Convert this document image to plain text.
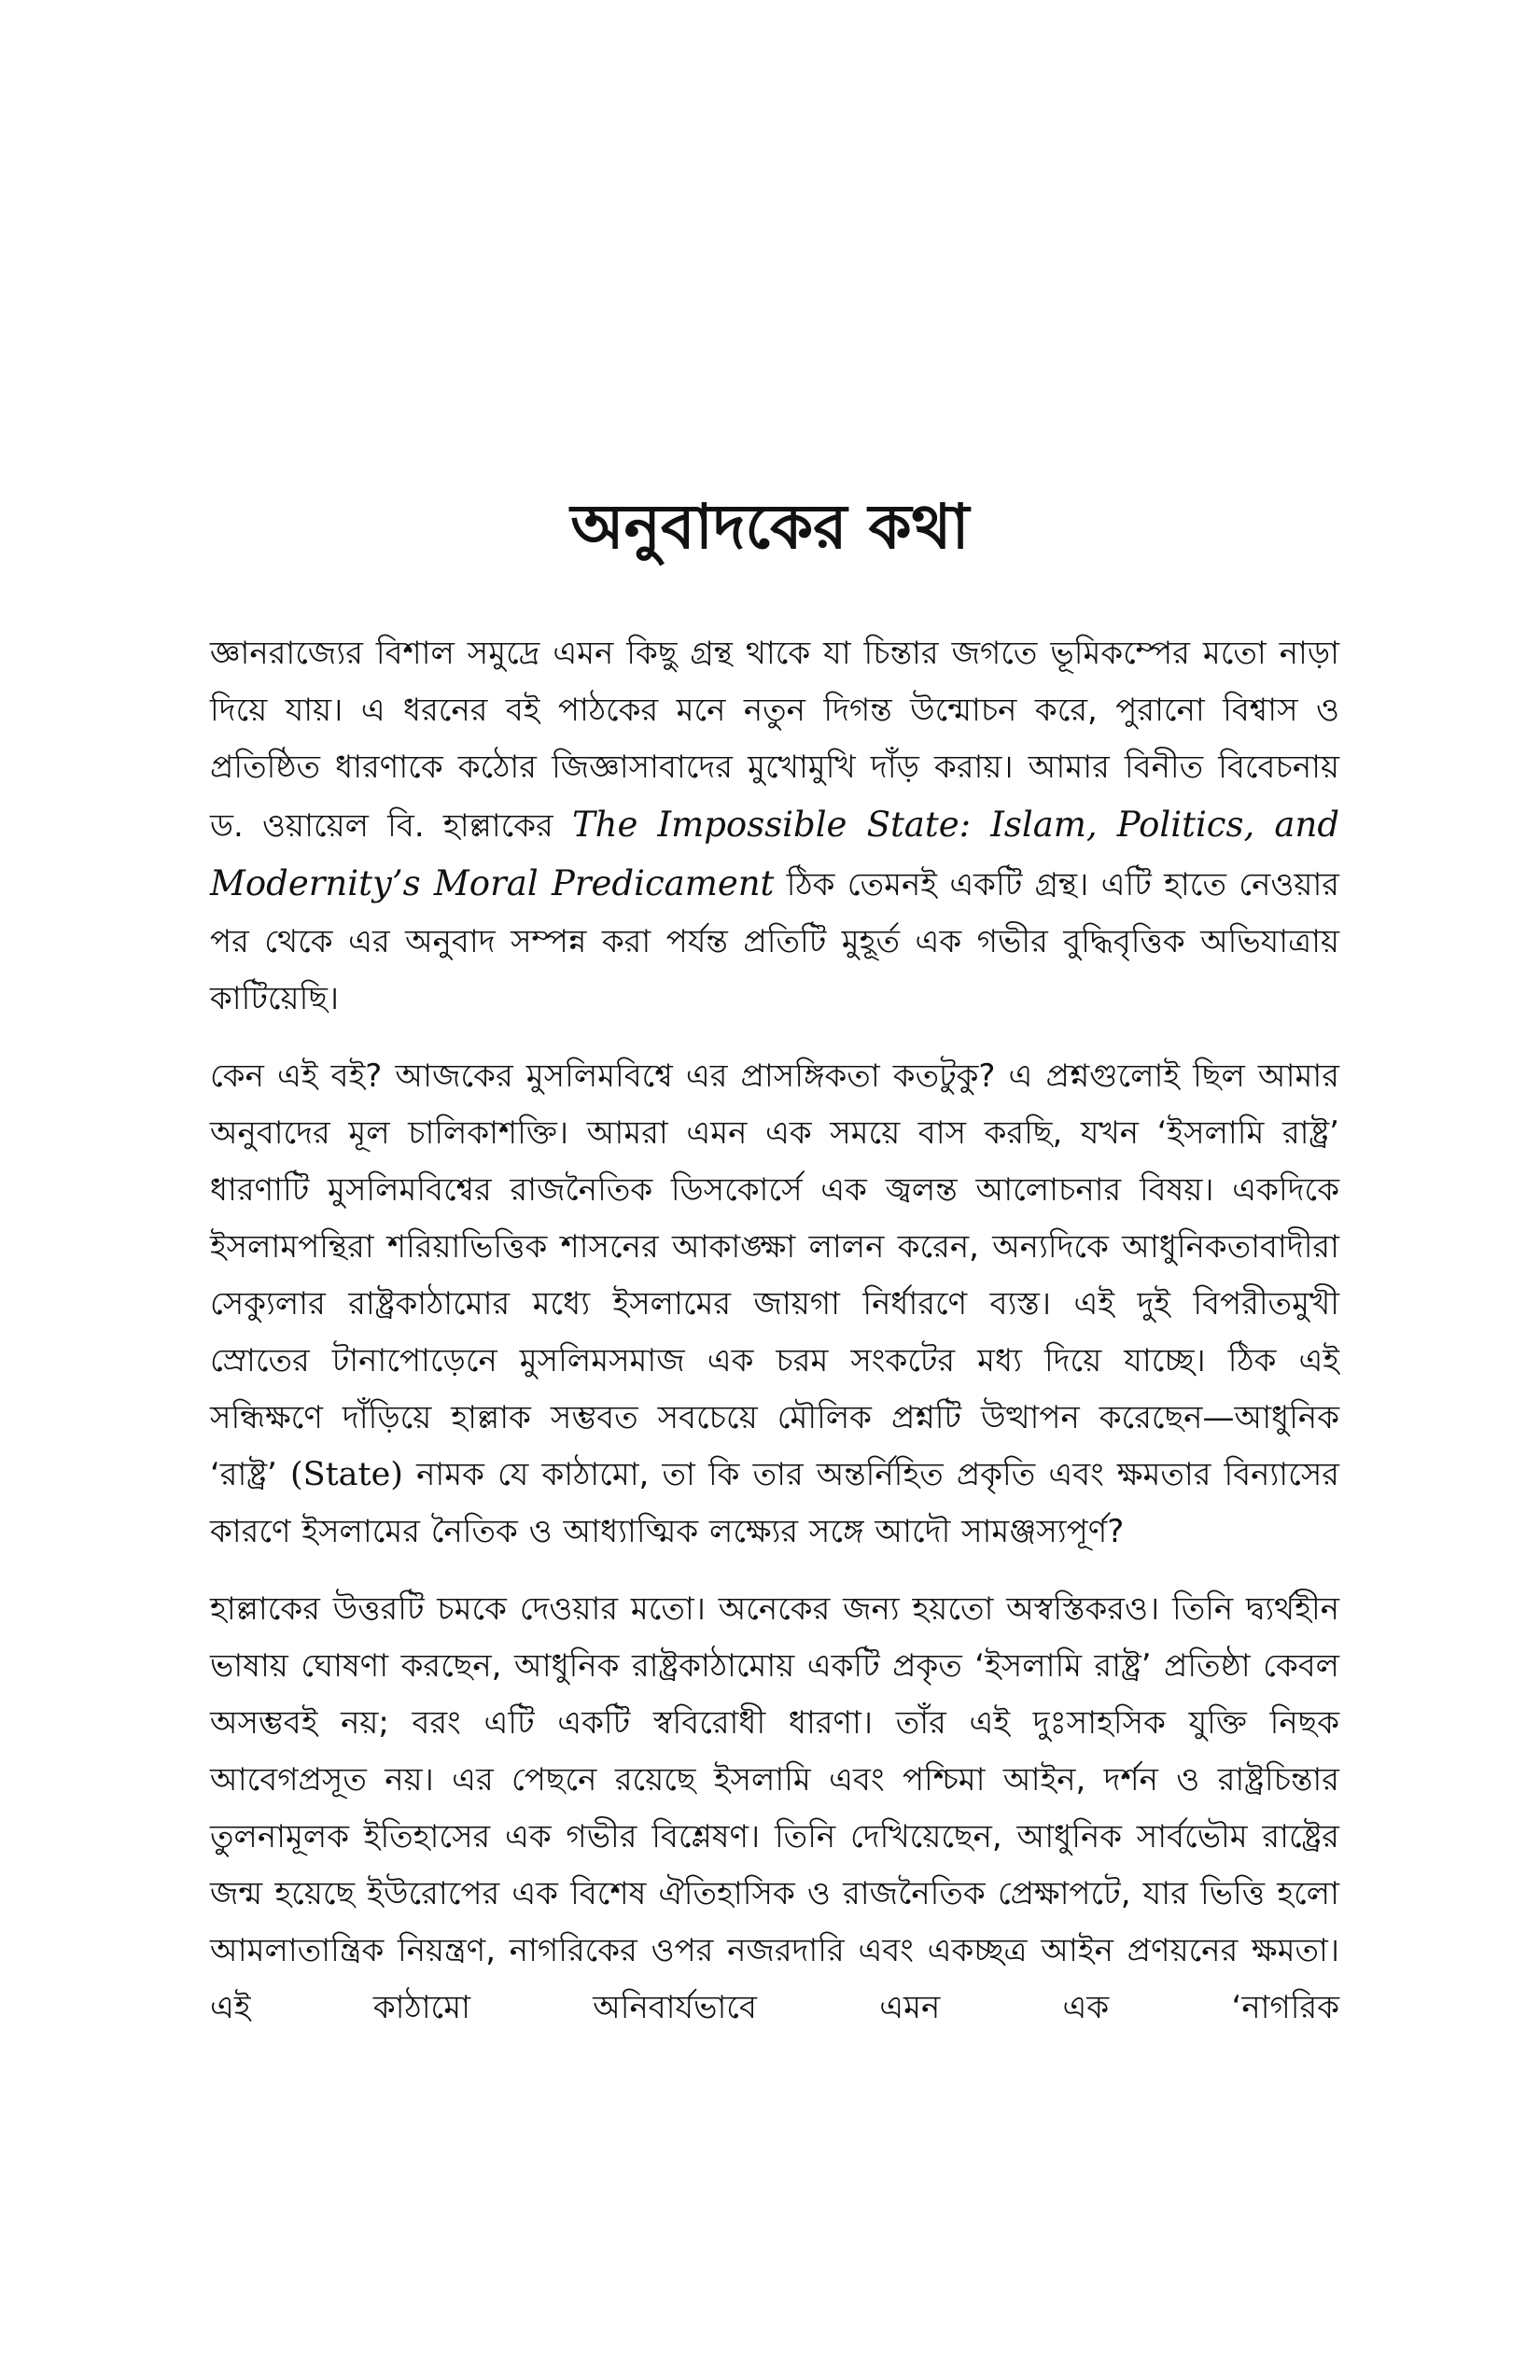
অনুবাদকের কথা

জ্ঞানরাজ্যের বিশাল সমুদ্রে এমন কিছু গ্রন্থ থাকে যা চিন্তার জগতে ভূমিকম্পের মতো নাড়া দিয়ে যায়। এ ধরনের বই পাঠকের মনে নতুন দিগন্ত উন্মোচন করে, পুরানো বিশ্বাস ও প্রতিষ্ঠিত ধারণাকে কঠোর জিজ্ঞাসাবাদের মুখোমুখি দাঁড় করায়। আমার বিনীত বিবেচনায় ড. ওয়ায়েল বি. হাল্লাকের The Impossible State: Islam, Politics, and Modernity’s Moral Predicament ঠিক তেমনই একটি গ্রন্থ। এটি হাতে নেওয়ার পর থেকে এর অনুবাদ সম্পন্ন করা পর্যন্ত প্রতিটি মুহূর্ত এক গভীর বুদ্ধিবৃত্তিক অভিযাত্রায় কাটিয়েছি।

কেন এই বই? আজকের মুসলিমবিশ্বে এর প্রাসঙ্গিকতা কতটুকু? এ প্রশ্নগুলোই ছিল আমার অনুবাদের মূল চালিকাশক্তি। আমরা এমন এক সময়ে বাস করছি, যখন ‘ইসলামি রাষ্ট্র’ ধারণাটি মুসলিমবিশ্বের রাজনৈতিক ডিসকোর্সে এক জ্বলন্ত আলোচনার বিষয়। একদিকে ইসলামপন্থিরা শরিয়াভিত্তিক শাসনের আকাঙ্ক্ষা লালন করেন, অন্যদিকে আধুনিকতাবাদীরা সেক্যুলার রাষ্ট্রকাঠামোর মধ্যে ইসলামের জায়গা নির্ধারণে ব্যস্ত। এই দুই বিপরীতমুখী স্রোতের টানাপোড়েনে মুসলিমসমাজ এক চরম সংকটের মধ্য দিয়ে যাচ্ছে। ঠিক এই সন্ধিক্ষণে দাঁড়িয়ে হাল্লাক সম্ভবত সবচেয়ে মৌলিক প্রশ্নটি উত্থাপন করেছেন—আধুনিক ‘রাষ্ট্র’ (State) নামক যে কাঠামো, তা কি তার অন্তর্নিহিত প্রকৃতি এবং ক্ষমতার বিন্যাসের কারণে ইসলামের নৈতিক ও আধ্যাত্মিক লক্ষ্যের সঙ্গে আদৌ সামঞ্জস্যপূর্ণ?

হাল্লাকের উত্তরটি চমকে দেওয়ার মতো। অনেকের জন্য হয়তো অস্বস্তিকরও। তিনি দ্ব্যর্থহীন ভাষায় ঘোষণা করছেন, আধুনিক রাষ্ট্রকাঠামোয় একটি প্রকৃত ‘ইসলামি রাষ্ট্র’ প্রতিষ্ঠা কেবল অসম্ভবই নয়; বরং এটি একটি স্ববিরোধী ধারণা। তাঁর এই দুঃসাহসিক যুক্তি নিছক আবেগপ্রসূত নয়। এর পেছনে রয়েছে ইসলামি এবং পশ্চিমা আইন, দর্শন ও রাষ্ট্রচিন্তার তুলনামূলক ইতিহাসের এক গভীর বিশ্লেষণ। তিনি দেখিয়েছেন, আধুনিক সার্বভৌম রাষ্ট্রের জন্ম হয়েছে ইউরোপের এক বিশেষ ঐতিহাসিক ও রাজনৈতিক প্রেক্ষাপটে, যার ভিত্তি হলো আমলাতান্ত্রিক নিয়ন্ত্রণ, নাগরিকের ওপর নজরদারি এবং একচ্ছত্র আইন প্রণয়নের ক্ষমতা। এই কাঠামো অনিবার্যভাবে এমন এক ‘নাগরিক
